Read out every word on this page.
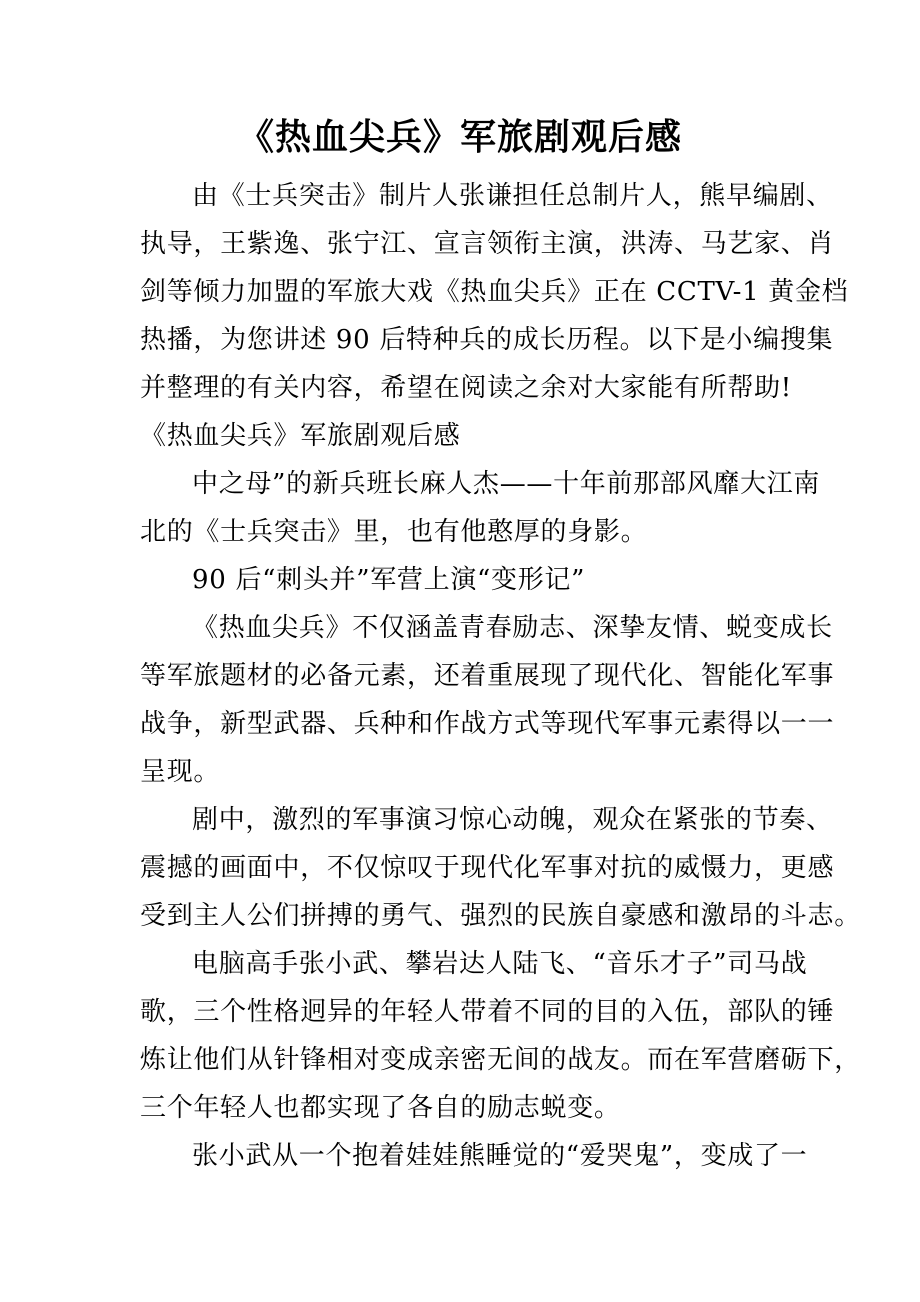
《热血尖兵》军旅剧观后感
由《士兵突击》制片人张谦担任总制片人，熊早编剧、
执导，王紫逸、张宁江、宣言领衔主演，洪涛、马艺家、肖
剑等倾力加盟的军旅大戏《热血尖兵》正在 CCTV-1 黄金档
热播，为您讲述 90 后特种兵的成长历程。以下是小编搜集
并整理的有关内容，希望在阅读之余对大家能有所帮助!
《热血尖兵》军旅剧观后感
中之母”的新兵班长麻人杰——十年前那部风靡大江南
北的《士兵突击》里，也有他憨厚的身影。
90 后“刺头并”军营上演“变形记”
《热血尖兵》不仅涵盖青春励志、深挚友情、蜕变成长
等军旅题材的必备元素，还着重展现了现代化、智能化军事
战争，新型武器、兵种和作战方式等现代军事元素得以一一
呈现。
剧中，激烈的军事演习惊心动魄，观众在紧张的节奏、
震撼的画面中，不仅惊叹于现代化军事对抗的威慑力，更感
受到主人公们拼搏的勇气、强烈的民族自豪感和激昂的斗志。
电脑高手张小武、攀岩达人陆飞、“音乐才子”司马战
歌，三个性格迥异的年轻人带着不同的目的入伍，部队的锤
炼让他们从针锋相对变成亲密无间的战友。而在军营磨砺下，
三个年轻人也都实现了各自的励志蜕变。
张小武从一个抱着娃娃熊睡觉的“爱哭鬼”，变成了一
